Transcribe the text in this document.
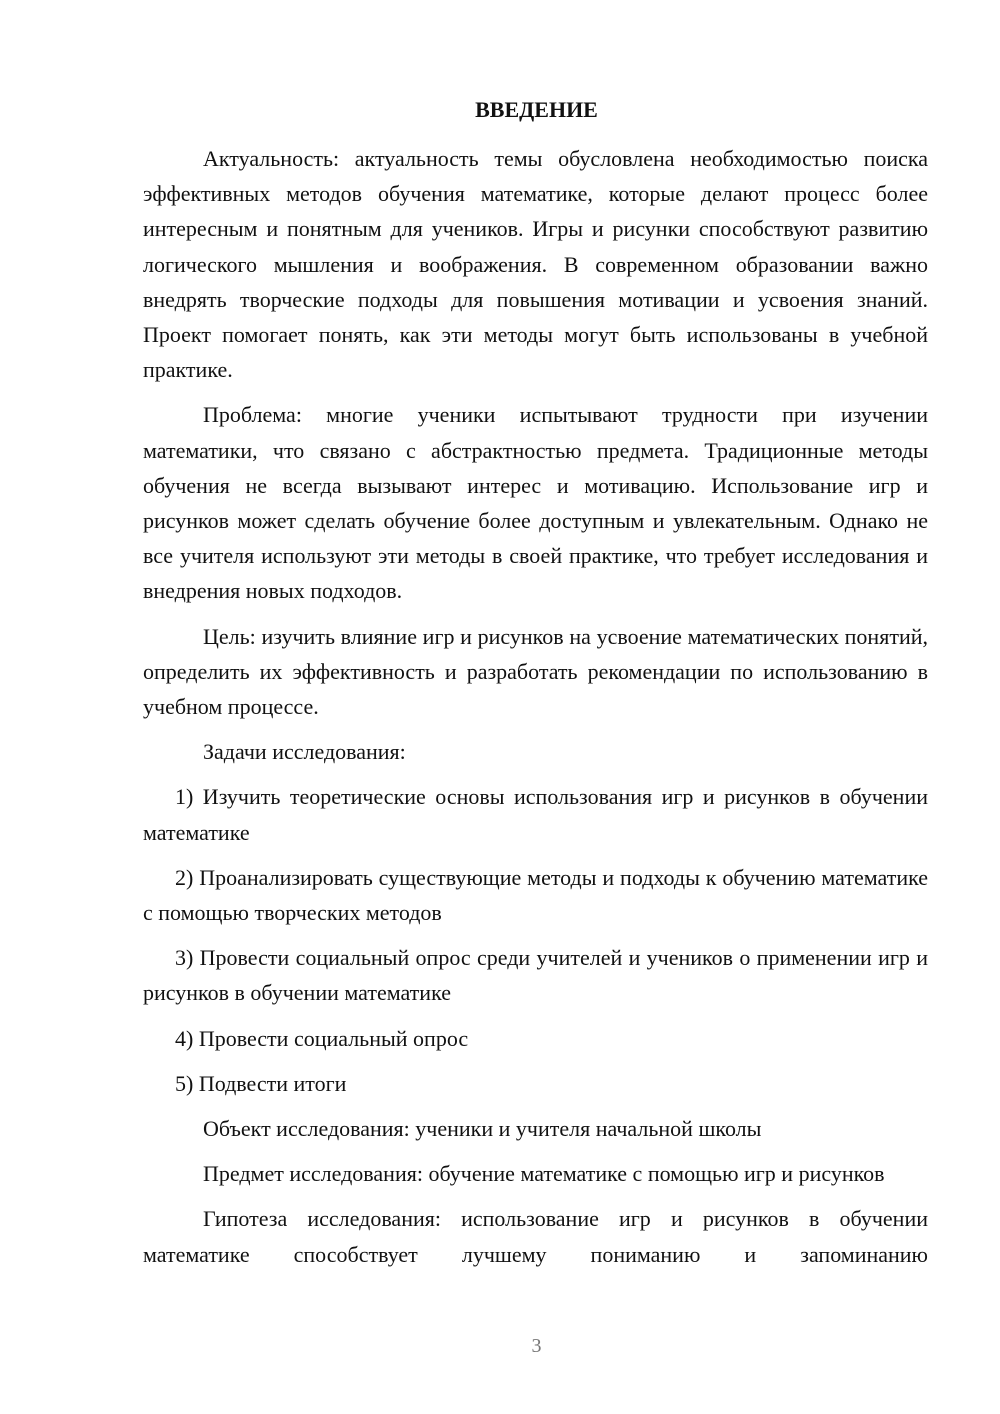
ВВЕДЕНИЕ

Актуальность: актуальность темы обусловлена необходимостью поиска эффективных методов обучения математике, которые делают процесс более интересным и понятным для учеников. Игры и рисунки способствуют развитию логического мышления и воображения. В современном образовании важно внедрять творческие подходы для повышения мотивации и усвоения знаний. Проект помогает понять, как эти методы могут быть использованы в учебной практике.

Проблема: многие ученики испытывают трудности при изучении математики, что связано с абстрактностью предмета. Традиционные методы обучения не всегда вызывают интерес и мотивацию. Использование игр и рисунков может сделать обучение более доступным и увлекательным. Однако не все учителя используют эти методы в своей практике, что требует исследования и внедрения новых подходов.

Цель: изучить влияние игр и рисунков на усвоение математических понятий, определить их эффективность и разработать рекомендации по использованию в учебном процессе.

Задачи исследования:

1) Изучить теоретические основы использования игр и рисунков в обучении математике

2) Проанализировать существующие методы и подходы к обучению математике с помощью творческих методов

3) Провести социальный опрос среди учителей и учеников о применении игр и рисунков в обучении математике

4) Провести социальный опрос

5) Подвести итоги

Объект исследования: ученики и учителя начальной школы

Предмет исследования: обучение математике с помощью игр и рисунков

Гипотеза исследования: использование игр и рисунков в обучении математике способствует лучшему пониманию и запоминанию

3
